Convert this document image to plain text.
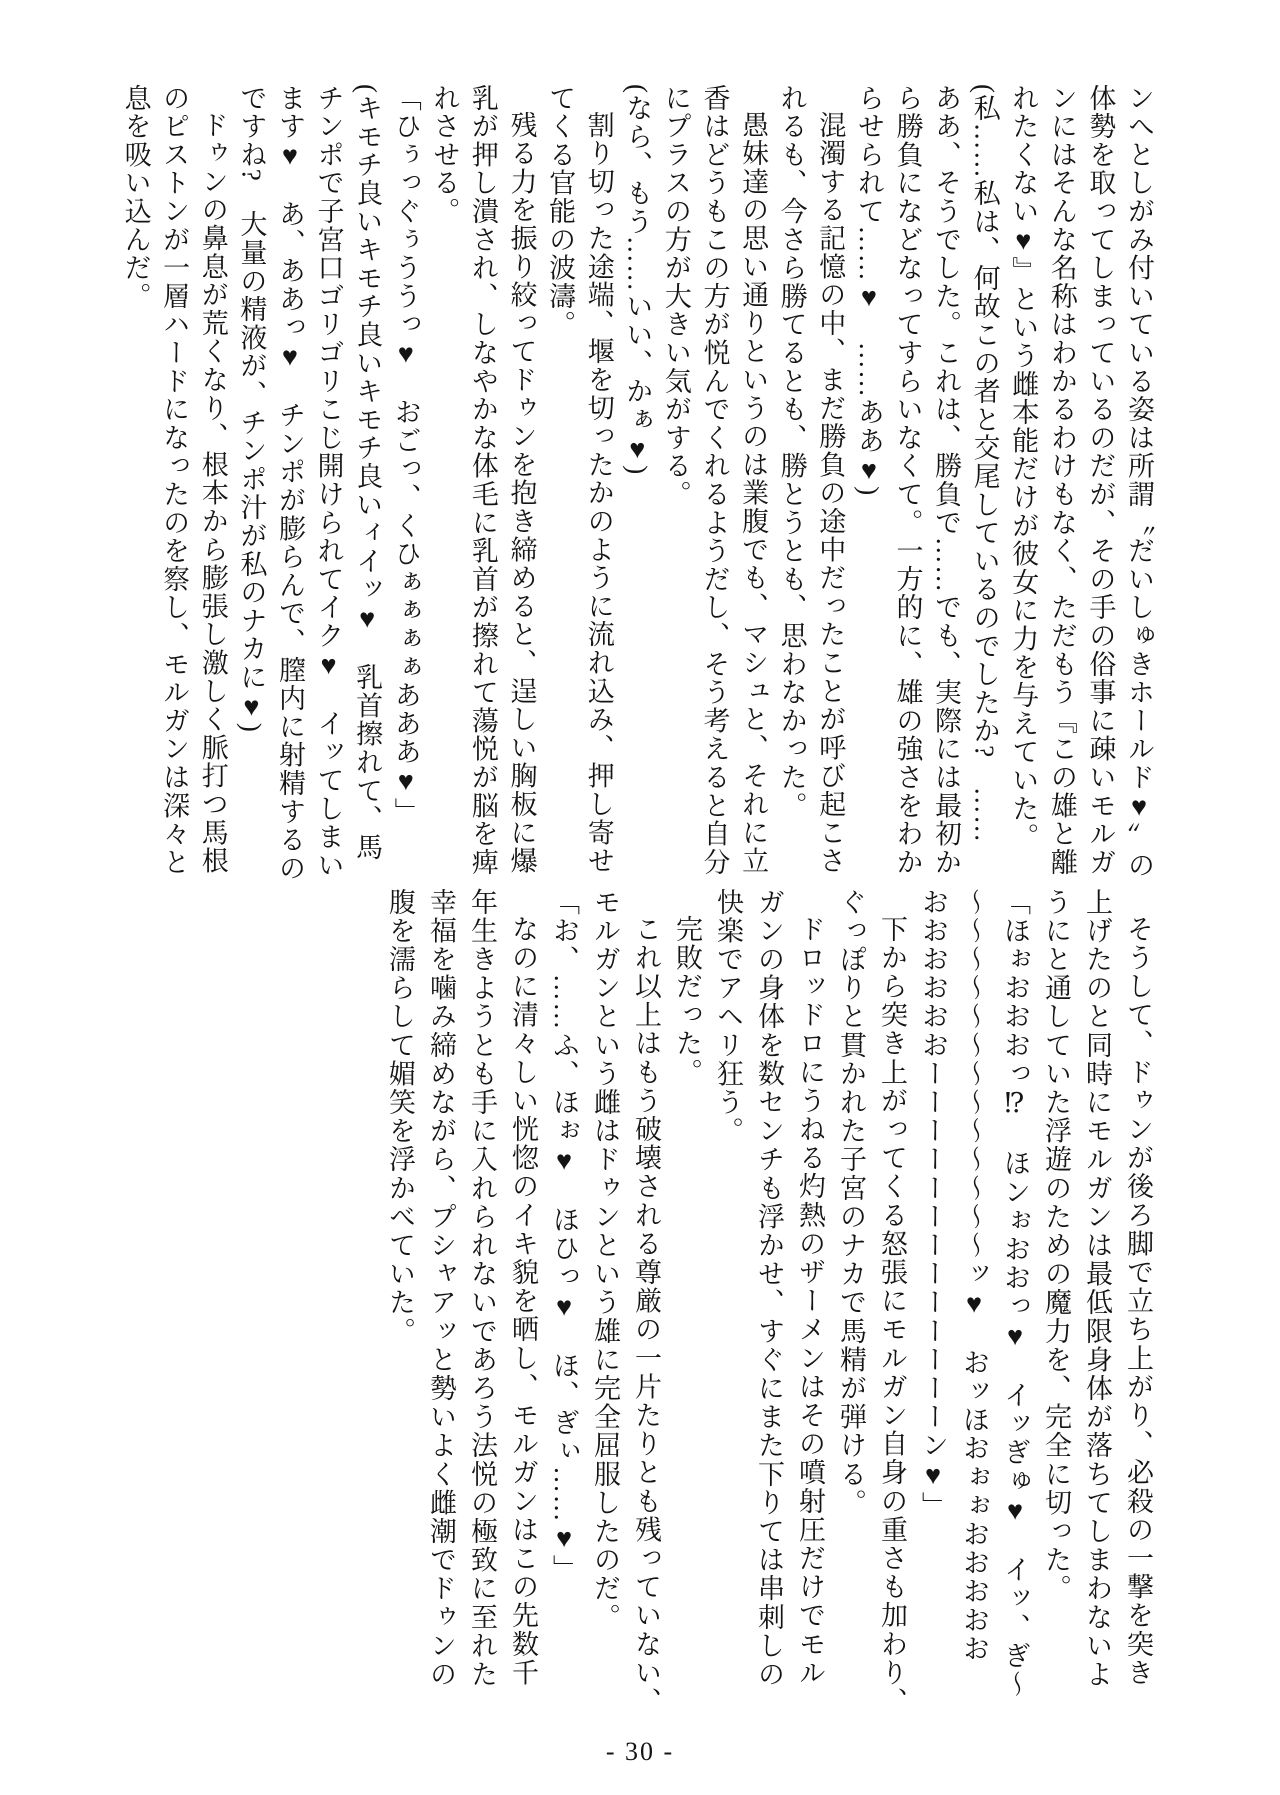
ンへとしがみ付いている姿は所謂〝だいしゅきホールド♥〟の
体勢を取ってしまっているのだが、その手の俗事に疎いモルガ
ンにはそんな名称はわかるわけもなく、ただもう『この雄と離
れたくない♥』という雌本能だけが彼女に力を与えていた。
(私……私は、何故この者と交尾しているのでしたか?　……
ああ、そうでした。これは、勝負で……でも、実際には最初か
ら勝負になどなってすらいなくて。一方的に、雄の強さをわか
らせられて……♥　……ああ♥)
混濁する記憶の中、まだ勝負の途中だったことが呼び起こさ
れるも、今さら勝てるとも、勝とうとも、思わなかった。
愚妹達の思い通りというのは業腹でも、マシュと、それに立
香はどうもこの方が悦んでくれるようだし、そう考えると自分
にプラスの方が大きい気がする。
(なら、もう……いい、かぁ♥)
割り切った途端、堰を切ったかのように流れ込み、押し寄せ
てくる官能の波濤。
残る力を振り絞ってドゥンを抱き締めると、逞しい胸板に爆
乳が押し潰され、しなやかな体毛に乳首が擦れて蕩悦が脳を痺
れさせる。
「ひぅっぐぅううっ♥　おごっ、くひぁぁぁぁあああ♥」
(キモチ良いキモチ良いキモチ良いィイッ♥　乳首擦れて、馬
チンポで子宮口ゴリゴリこじ開けられてイク♥　イッてしまい
ます♥　あ、ああっ♥　チンポが膨らんで、膣内に射精するの
ですね?　大量の精液が、チンポ汁が私のナカに♥)
ドゥンの鼻息が荒くなり、根本から膨張し激しく脈打つ馬根
のピストンが一層ハードになったのを察し、モルガンは深々と
息を吸い込んだ。
そうして、ドゥンが後ろ脚で立ち上がり、必殺の一撃を突き
上げたのと同時にモルガンは最低限身体が落ちてしまわないよ
うにと通していた浮遊のための魔力を、完全に切った。
「ほぉおおおっ⁉　ほンぉおおっ♥　イッぎゅ♥　イッ、ぎ〜
〜〜〜〜〜〜〜〜〜〜〜〜〜ッ♥　おッほおぉぉおおおおお
おおおおおおーーーーーーーーーーーーーン♥」
下から突き上がってくる怒張にモルガン自身の重さも加わり、
ぐっぽりと貫かれた子宮のナカで馬精が弾ける。
ドロッドロにうねる灼熱のザーメンはその噴射圧だけでモル
ガンの身体を数センチも浮かせ、すぐにまた下りては串刺しの
快楽でアヘリ狂う。
完敗だった。
これ以上はもう破壊される尊厳の一片たりとも残っていない、
モルガンという雌はドゥンという雄に完全屈服したのだ。
「お、……ふ、ほぉ♥　ほひっ♥　ほ、ぎぃ……♥」
なのに清々しい恍惚のイキ貌を晒し、モルガンはこの先数千
年生きようとも手に入れられないであろう法悦の極致に至れた
幸福を噛み締めながら、プシャアッと勢いよく雌潮でドゥンの
腹を濡らして媚笑を浮かべていた。
- 30 -
